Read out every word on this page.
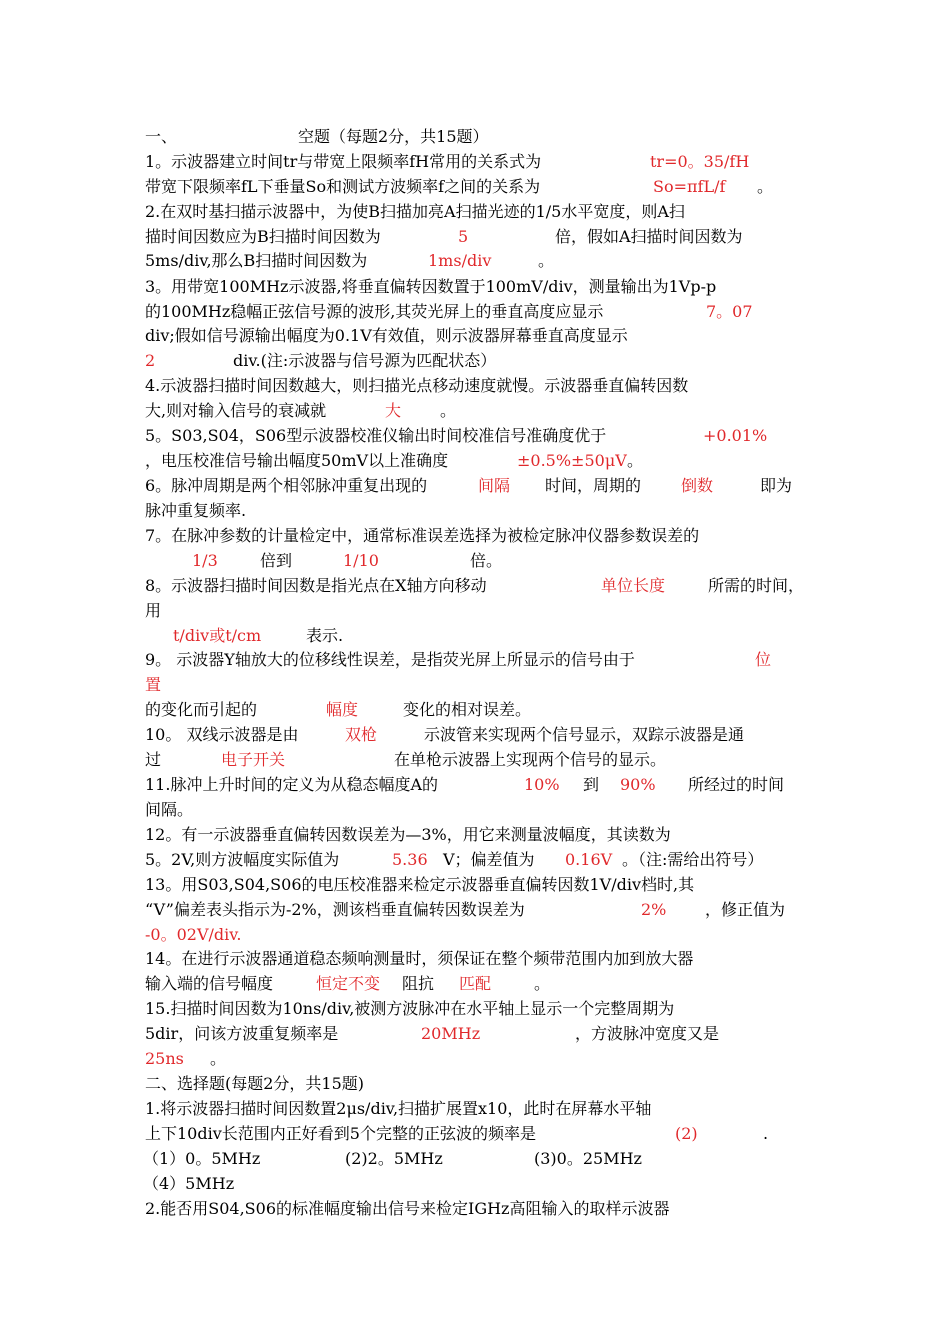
一、	空题（每题2分，共15题）
1。示波器建立时间tr与带宽上限频率fH常用的关系式为	tr=0。35/fH
带宽下限频率fL下垂量So和测试方波频率f之间的关系为	So=πfL/f 。
2.在双时基扫描示波器中，为使B扫描加亮A扫描光迹的1/5水平宽度，则A扫
描时间因数应为B扫描时间因数为	5	倍，假如A扫描时间因数为
5ms/div,那么B扫描时间因数为	1ms/div	。
3。用带宽100MHz示波器,将垂直偏转因数置于100mV/div，测量输出为1Vp-p
的100MHz稳幅正弦信号源的波形,其荧光屏上的垂直高度应显示	7。07
div;假如信号源输出幅度为0.1V有效值，则示波器屏幕垂直高度显示
2	div.(注:示波器与信号源为匹配状态）
4.示波器扫描时间因数越大，则扫描光点移动速度就慢。示波器垂直偏转因数
大,则对输入信号的衰减就	大 。
5。S03,S04，S06型示波器校准仪输出时间校准信号准确度优于	+0.01%
，电压校准信号输出幅度50mV以上准确度	±0.5%±50μV 。
6。脉冲周期是两个相邻脉冲重复出现的	间隔 时间，周期的 倒数	即为
脉冲重复频率.
7。在脉冲参数的计量检定中，通常标准误差选择为被检定脉冲仪器参数误差的
1/3	倍到	1/10	倍。
8。示波器扫描时间因数是指光点在X轴方向移动	单位长度	所需的时间，
用
t/div或t/cm	表示.
9。 示波器Y轴放大的位移线性误差，是指荧光屏上所显示的信号由于	位
置
的变化而引起的	幅度	变化的相对误差。
10。 双线示波器是由	双枪	示波管来实现两个信号显示，双踪示波器是通
过	电子开关	在单枪示波器上实现两个信号的显示。
11.脉冲上升时间的定义为从稳态幅度A的	10% 到 90% 所经过的时间
间隔。
12。有一示波器垂直偏转因数误差为—3%，用它来测量波幅度，其读数为
5。2V,则方波幅度实际值为	5.36 V；偏差值为 0.16V 。（注:需给出符号）
13。用S03,S04,S06的电压校准器来检定示波器垂直偏转因数1V/div档时,其
“V”偏差表头指示为-2%，测该档垂直偏转因数误差为	2% ，修正值为
-0。02V/div.
14。在进行示波器通道稳态频响测量时，须保证在整个频带范围内加到放大器
输入端的信号幅度	恒定不变 阻抗 匹配	。
15.扫描时间因数为10ns/div,被测方波脉冲在水平轴上显示一个完整周期为
5dir，问该方波重复频率是	20MHz	，方波脉冲宽度又是
25ns 。
二、选择题(每题2分，共15题)
1.将示波器扫描时间因数置2μs/div,扫描扩展置x10，此时在屏幕水平轴
上下10div长范围内正好看到5个完整的正弦波的频率是	(2)	.
（1）0。5MHz	(2)2。5MHz	(3)0。25MHz
（4）5MHz
2.能否用S04,S06的标准幅度输出信号来检定IGHz高阻输入的取样示波器
